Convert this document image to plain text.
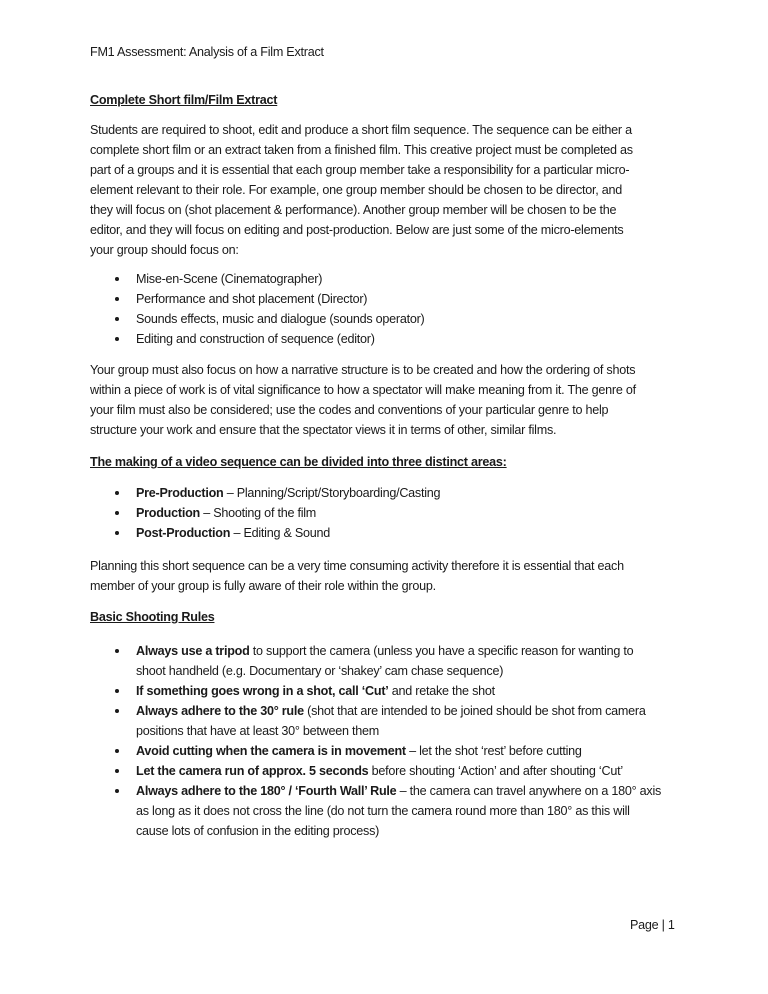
FM1 Assessment: Analysis of a Film Extract
Complete Short film/Film Extract
Students are required to shoot, edit and produce a short film sequence. The sequence can be either a
complete short film or an extract taken from a finished film. This creative project must be completed as
part of a groups and it is essential that each group member take a responsibility for a particular micro-
element relevant to their role. For example, one group member should be chosen to be director, and
they will focus on (shot placement & performance). Another group member will be chosen to be the
editor, and they will focus on editing and post-production. Below are just some of the micro-elements
your group should focus on:
Mise-en-Scene (Cinematographer)
Performance and shot placement (Director)
Sounds effects, music and dialogue (sounds operator)
Editing and construction of sequence (editor)
Your group must also focus on how a narrative structure is to be created and how the ordering of shots
within a piece of work is of vital significance to how a spectator will make meaning from it. The genre of
your film must also be considered; use the codes and conventions of your particular genre to help
structure your work and ensure that the spectator views it in terms of other, similar films.
The making of a video sequence can be divided into three distinct areas:
Pre-Production – Planning/Script/Storyboarding/Casting
Production – Shooting of the film
Post-Production – Editing & Sound
Planning this short sequence can be a very time consuming activity therefore it is essential that each
member of your group is fully aware of their role within the group.
Basic Shooting Rules
Always use a tripod to support the camera (unless you have a specific reason for wanting to
shoot handheld (e.g. Documentary or ‘shakey’ cam chase sequence)
If something goes wrong in a shot, call ‘Cut’ and retake the shot
Always adhere to the 30° rule (shot that are intended to be joined should be shot from camera
positions that have at least 30° between them
Avoid cutting when the camera is in movement – let the shot ‘rest’ before cutting
Let the camera run of approx. 5 seconds before shouting ‘Action’ and after shouting ‘Cut’
Always adhere to the 180° / ‘Fourth Wall’ Rule – the camera can travel anywhere on a 180° axis
as long as it does not cross the line (do not turn the camera round more than 180° as this will
cause lots of confusion in the editing process)
Page | 1
